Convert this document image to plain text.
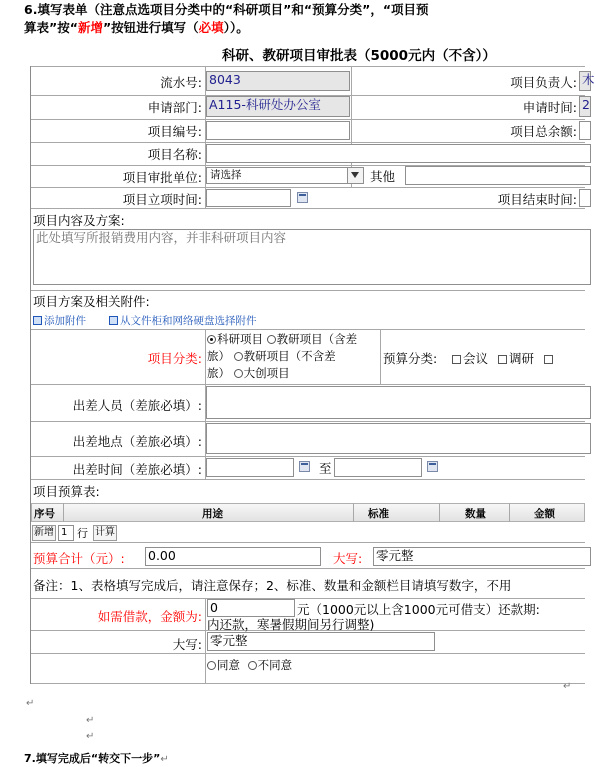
6.填写表单（注意点选项目分类中的“科研项目”和“预算分类”，“项目预
算表”按“新增”按钮进行填写（必填））。
科研、教研项目审批表（5000元内（不含））
流水号: 8043	项目负责人: 木
申请部门: A115-科研处办公室	申请时间: 2
项目编号:	项目总余额:
项目名称:
项目审批单位: 请选择	其他
项目立项时间:	项目结束时间:
项目内容及方案:
此处填写所报销费用内容，并非科研项目内容
项目方案及相关附件:
添加附件	从文件柜和网络硬盘选择附件
项目分类:
科研项目 教研项目（含差
旅） 教研项目（不含差
旅） 大创项目
预算分类:	会议 调研
出差人员（差旅必填）:
出差地点（差旅必填）:
出差时间（差旅必填）:	至
项目预算表:
序号	用途	标准	数量	金额
新增 1 行 计算
预算合计（元）: 0.00	大写: 零元整
备注：1、表格填写完成后，请注意保存；2、标准、数量和金额栏目请填写数字，不用
如需借款，金额为:
0	元（1000元以上含1000元可借支）还款期:
内还款，寒暑假期间另行调整)
大写: 零元整
同意 不同意
↵
↵
↵
↵
7.填写完成后“转交下一步”↵
